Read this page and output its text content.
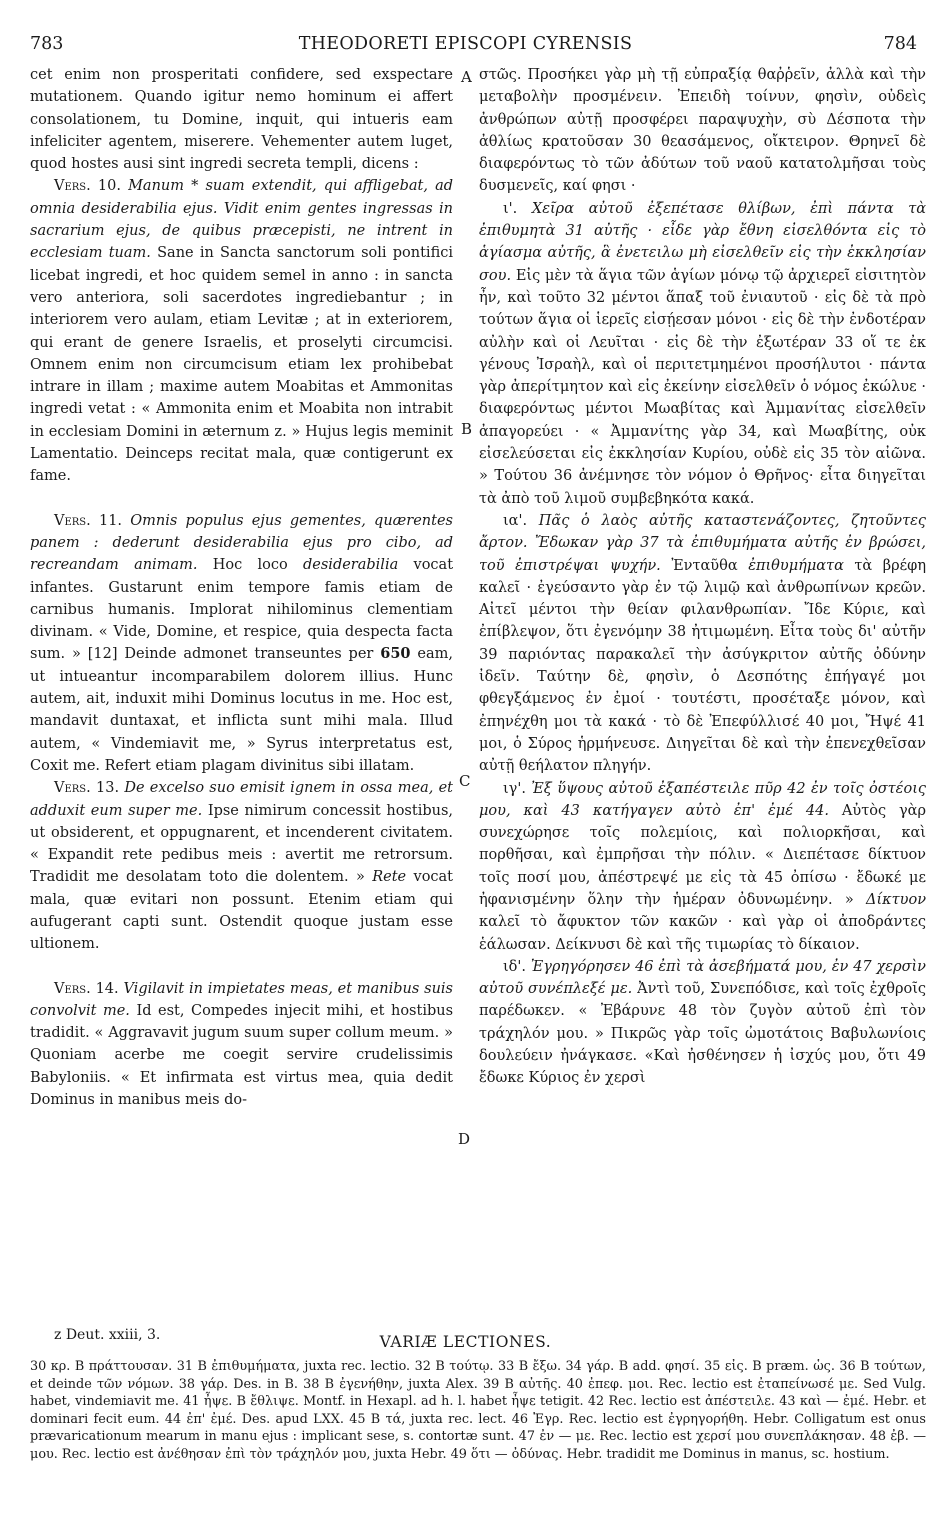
783	THEODORETI EPISCOPI CYRENSIS	784
A
B
C
D

cet enim non prosperitati confidere, sed exspectare mutationem. Quando igitur nemo hominum ei affert consolationem, tu Domine, inquit, qui intueris eam infeliciter agentem, miserere. Vehementer autem luget, quod hostes ausi sint ingredi secreta templi, dicens :

Vers. 10. Manum * suam extendit, qui affligebat, ad omnia desiderabilia ejus. Vidit enim gentes ingressas in sacrarium ejus, de quibus præcepisti, ne intrent in ecclesiam tuam. Sane in Sancta sanctorum soli pontifici licebat ingredi, et hoc quidem semel in anno : in sancta vero anteriora, soli sacerdotes ingrediebantur ; in interiorem vero aulam, etiam Levitæ ; at in exteriorem, qui erant de genere Israelis, et proselyti circumcisi. Omnem enim non circumcisum etiam lex prohibebat intrare in illam ; maxime autem Moabitas et Ammonitas ingredi vetat : « Ammonita enim et Moabita non intrabit in ecclesiam Domini in æternum z. » Hujus legis meminit Lamentatio. Deinceps recitat mala, quæ contigerunt ex fame.

Vers. 11. Omnis populus ejus gementes, quærentes panem : dederunt desiderabilia ejus pro cibo, ad recreandam animam. Hoc loco desiderabilia vocat infantes. Gustarunt enim tempore famis etiam de carnibus humanis. Implorat nihilominus clementiam divinam. « Vide, Domine, et respice, quia despecta facta sum. » [12] Deinde admonet transeuntes per 650 eam, ut intueantur incomparabilem dolorem illius. Hunc autem, ait, induxit mihi Dominus locutus in me. Hoc est, mandavit duntaxat, et inflicta sunt mihi mala. Illud autem, « Vindemiavit me, » Syrus interpretatus est, Coxit me. Refert etiam plagam divinitus sibi illatam.

Vers. 13. De excelso suo emisit ignem in ossa mea, et adduxit eum super me. Ipse nimirum concessit hostibus, ut obsiderent, et oppugnarent, et incenderent civitatem. « Expandit rete pedibus meis : avertit me retrorsum. Tradidit me desolatam toto die dolentem. » Rete vocat mala, quæ evitari non possunt. Etenim etiam qui aufugerant capti sunt. Ostendit quoque justam esse ultionem.

Vers. 14. Vigilavit in impietates meas, et manibus suis convolvit me. Id est, Compedes injecit mihi, et hostibus tradidit. « Aggravavit jugum suum super collum meum. » Quoniam acerbe me coegit servire crudelissimis Babyloniis. « Et infirmata est virtus mea, quia dedit Dominus in manibus meis do-

στῶς. Προσήκει γὰρ μὴ τῇ εὐπραξίᾳ θαῤῥεῖν, ἀλλὰ καὶ τὴν μεταβολὴν προσμένειν. Ἐπειδὴ τοίνυν, φησὶν, οὐδεὶς ἀνθρώπων αὐτῇ προσφέρει παραψυχὴν, σὺ Δέσποτα τὴν ἀθλίως κρατοῦσαν 30 θεασάμενος, οἴκτειρον. Θρηνεῖ δὲ διαφερόντως τὸ τῶν ἀδύτων τοῦ ναοῦ κατατολμῆσαι τοὺς δυσμενεῖς, καί φησι ·

ι'. Χεῖρα αὐτοῦ ἐξεπέτασε θλίβων, ἐπὶ πάντα τὰ ἐπιθυμητὰ 31 αὐτῆς · εἶδε γὰρ ἔθνη εἰσελθόντα εἰς τὸ ἁγίασμα αὐτῆς, ἃ ἐνετειλω μὴ εἰσελθεῖν εἰς τὴν ἐκκλησίαν σου. Εἰς μὲν τὰ ἅγια τῶν ἁγίων μόνῳ τῷ ἀρχιερεῖ εἰσιτητὸν ἦν, καὶ τοῦτο 32 μέντοι ἅπαξ τοῦ ἐνιαυτοῦ · εἰς δὲ τὰ πρὸ τούτων ἅγια οἱ ἱερεῖς εἰσῄεσαν μόνοι · εἰς δὲ τὴν ἐνδοτέραν αὐλὴν καὶ οἱ Λευῖται · εἰς δὲ τὴν ἐξωτέραν 33 οἵ τε ἐκ γένους Ἰσραὴλ, καὶ οἱ περιτετμημένοι προσήλυτοι · πάντα γὰρ ἀπερίτμητον καὶ εἰς ἐκείνην εἰσελθεῖν ὁ νόμος ἐκώλυε · διαφερόντως μέντοι Μωαβίτας καὶ Ἀμμανίτας εἰσελθεῖν ἀπαγορεύει · « Ἀμμανίτης γὰρ 34, καὶ Μωαβίτης, οὐκ εἰσελεύσεται εἰς ἐκκλησίαν Κυρίου, οὐδὲ εἰς 35 τὸν αἰῶνα. » Τούτου 36 ἀνέμνησε τὸν νόμον ὁ Θρῆνος· εἶτα διηγεῖται τὰ ἀπὸ τοῦ λιμοῦ συμβεβηκότα κακά.

ια'. Πᾶς ὁ λαὸς αὐτῆς καταστενάζοντες, ζητοῦντες ἄρτον. Ἔδωκαν γὰρ 37 τὰ ἐπιθυμήματα αὐτῆς ἐν βρώσει, τοῦ ἐπιστρέψαι ψυχήν. Ἐνταῦθα ἐπιθυμήματα τὰ βρέφη καλεῖ · ἐγεύσαντο γὰρ ἐν τῷ λιμῷ καὶ ἀνθρωπίνων κρεῶν. Αἰτεῖ μέντοι τὴν θείαν φιλανθρωπίαν. Ἴδε Κύριε, καὶ ἐπίβλεψον, ὅτι ἐγενόμην 38 ἠτιμωμένη. Εἶτα τοὺς δι' αὐτῆν 39 παριόντας παρακαλεῖ τὴν ἀσύγκριτον αὐτῆς ὀδύνην ἰδεῖν. Ταύτην δὲ, φησὶν, ὁ Δεσπότης ἐπήγαγέ μοι φθεγξάμενος ἐν ἐμοί · τουτέστι, προσέταξε μόνον, καὶ ἐπηνέχθη μοι τὰ κακά · τὸ δὲ Ἐπεφύλλισέ 40 μοι, Ἤψέ 41 μοι, ὁ Σύρος ἡρμήνευσε. Διηγεῖται δὲ καὶ τὴν ἐπενεχθεῖσαν αὐτῇ θεήλατον πληγήν.

ιγ'. Ἐξ ὕψους αὐτοῦ ἐξαπέστειλε πῦρ 42 ἐν τοῖς ὀστέοις μου, καὶ 43 κατήγαγεν αὐτὸ ἐπ' ἐμέ 44. Αὐτὸς γὰρ συνεχώρησε τοῖς πολεμίοις, καὶ πολιορκῆσαι, καὶ πορθῆσαι, καὶ ἐμπρῆσαι τὴν πόλιν. « Διεπέτασε δίκτυον τοῖς ποσί μου, ἀπέστρεψέ με εἰς τὰ 45 ὀπίσω · ἔδωκέ με ἠφανισμένην ὅλην τὴν ἡμέραν ὀδυνωμένην. » Δίκτυον καλεῖ τὸ ἄφυκτον τῶν κακῶν · καὶ γὰρ οἱ ἀποδράντες ἑάλωσαν. Δείκνυσι δὲ καὶ τῆς τιμωρίας τὸ δίκαιον.

ιδ'. Ἐγρηγόρησεν 46 ἐπὶ τὰ ἀσεβήματά μου, ἐν 47 χερσὶν αὐτοῦ συνέπλεξέ με. Ἀντὶ τοῦ, Συνεπόδισε, καὶ τοῖς ἐχθροῖς παρέδωκεν. « Ἐβάρυνε 48 τὸν ζυγὸν αὐτοῦ ἐπὶ τὸν τράχηλόν μου. » Πικρῶς γὰρ τοῖς ὠμοτάτοις Βαβυλωνίοις δουλεύειν ἠνάγκασε. «Καὶ ἠσθένησεν ἡ ἰσχύς μου, ὅτι 49 ἔδωκε Κύριος ἐν χερσὶ

z Deut. xxiii, 3.	VARIÆ LECTIONES.
30 κρ. B πράττουσαν. 31 B ἐπιθυμήματα, juxta rec. lectio. 32 B τούτῳ. 33 B ἔξω. 34 γάρ. B add. φησί. 35 εἰς. B præm. ὡς. 36 B τούτων, et deinde τῶν νόμων. 38 γάρ. Des. in B. 38 B ἐγενήθην, juxta Alex. 39 B αὐτῆς. 40 ἐπεφ. μοι. Rec. lectio est ἐταπείνωσέ με. Sed Vulg. habet, vindemiavit me. 41 ἦψε. B ἔθλιψε. Montf. in Hexapl. ad h. l. habet ἦψε tetigit. 42 Rec. lectio est ἀπέστειλε. 43 καὶ — ἐμέ. Hebr. et dominari fecit eum. 44 ἐπ' ἐμέ. Des. apud LXX. 45 B τά, juxta rec. lect. 46 Ἐγρ. Rec. lectio est ἐγρηγορήθη. Hebr. Colligatum est onus prævaricationum mearum in manu ejus : implicant sese, s. contortæ sunt. 47 ἐν — με. Rec. lectio est χερσί μου συνεπλάκησαν. 48 ἐβ. — μου. Rec. lectio est ἀνέθησαν ἐπὶ τὸν τράχηλόν μου, juxta Hebr. 49 ὅτι — ὀδύνας. Hebr. tradidit me Dominus in manus, sc. hostium.
